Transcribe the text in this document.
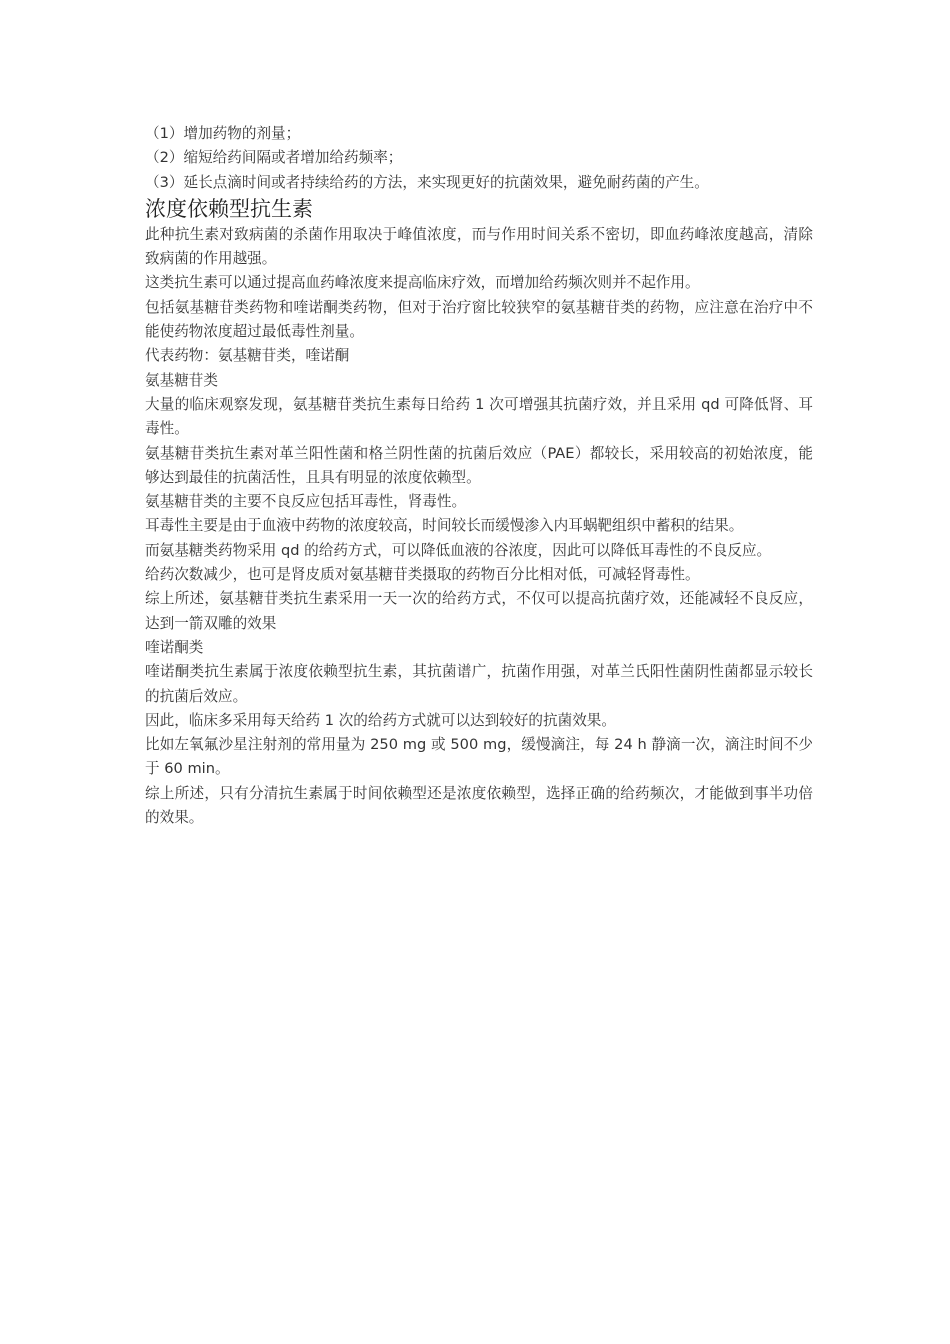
（1）增加药物的剂量；

（2）缩短给药间隔或者增加给药频率；

（3）延长点滴时间或者持续给药的方法，来实现更好的抗菌效果，避免耐药菌的产生。

浓度依赖型抗生素

此种抗生素对致病菌的杀菌作用取决于峰值浓度，而与作用时间关系不密切，即血药峰浓度越高，清除致病菌的作用越强。

这类抗生素可以通过提高血药峰浓度来提高临床疗效，而增加给药频次则并不起作用。

包括氨基糖苷类药物和喹诺酮类药物，但对于治疗窗比较狭窄的氨基糖苷类的药物，应注意在治疗中不能使药物浓度超过最低毒性剂量。

代表药物：氨基糖苷类，喹诺酮

氨基糖苷类

大量的临床观察发现，氨基糖苷类抗生素每日给药 1 次可增强其抗菌疗效，并且采用 qd 可降低肾、耳毒性。

氨基糖苷类抗生素对革兰阳性菌和格兰阴性菌的抗菌后效应（PAE）都较长，采用较高的初始浓度，能够达到最佳的抗菌活性，且具有明显的浓度依赖型。

氨基糖苷类的主要不良反应包括耳毒性，肾毒性。

耳毒性主要是由于血液中药物的浓度较高，时间较长而缓慢渗入内耳蜗靶组织中蓄积的结果。

而氨基糖类药物采用 qd 的给药方式，可以降低血液的谷浓度，因此可以降低耳毒性的不良反应。

给药次数减少，也可是肾皮质对氨基糖苷类摄取的药物百分比相对低，可减轻肾毒性。

综上所述，氨基糖苷类抗生素采用一天一次的给药方式，不仅可以提高抗菌疗效，还能减轻不良反应，达到一箭双雕的效果

喹诺酮类

喹诺酮类抗生素属于浓度依赖型抗生素，其抗菌谱广，抗菌作用强，对革兰氏阳性菌阴性菌都显示较长的抗菌后效应。

因此，临床多采用每天给药 1 次的给药方式就可以达到较好的抗菌效果。

比如左氧氟沙星注射剂的常用量为 250 mg 或 500 mg，缓慢滴注，每 24 h 静滴一次，滴注时间不少于 60 min。

综上所述，只有分清抗生素属于时间依赖型还是浓度依赖型，选择正确的给药频次，才能做到事半功倍的效果。
